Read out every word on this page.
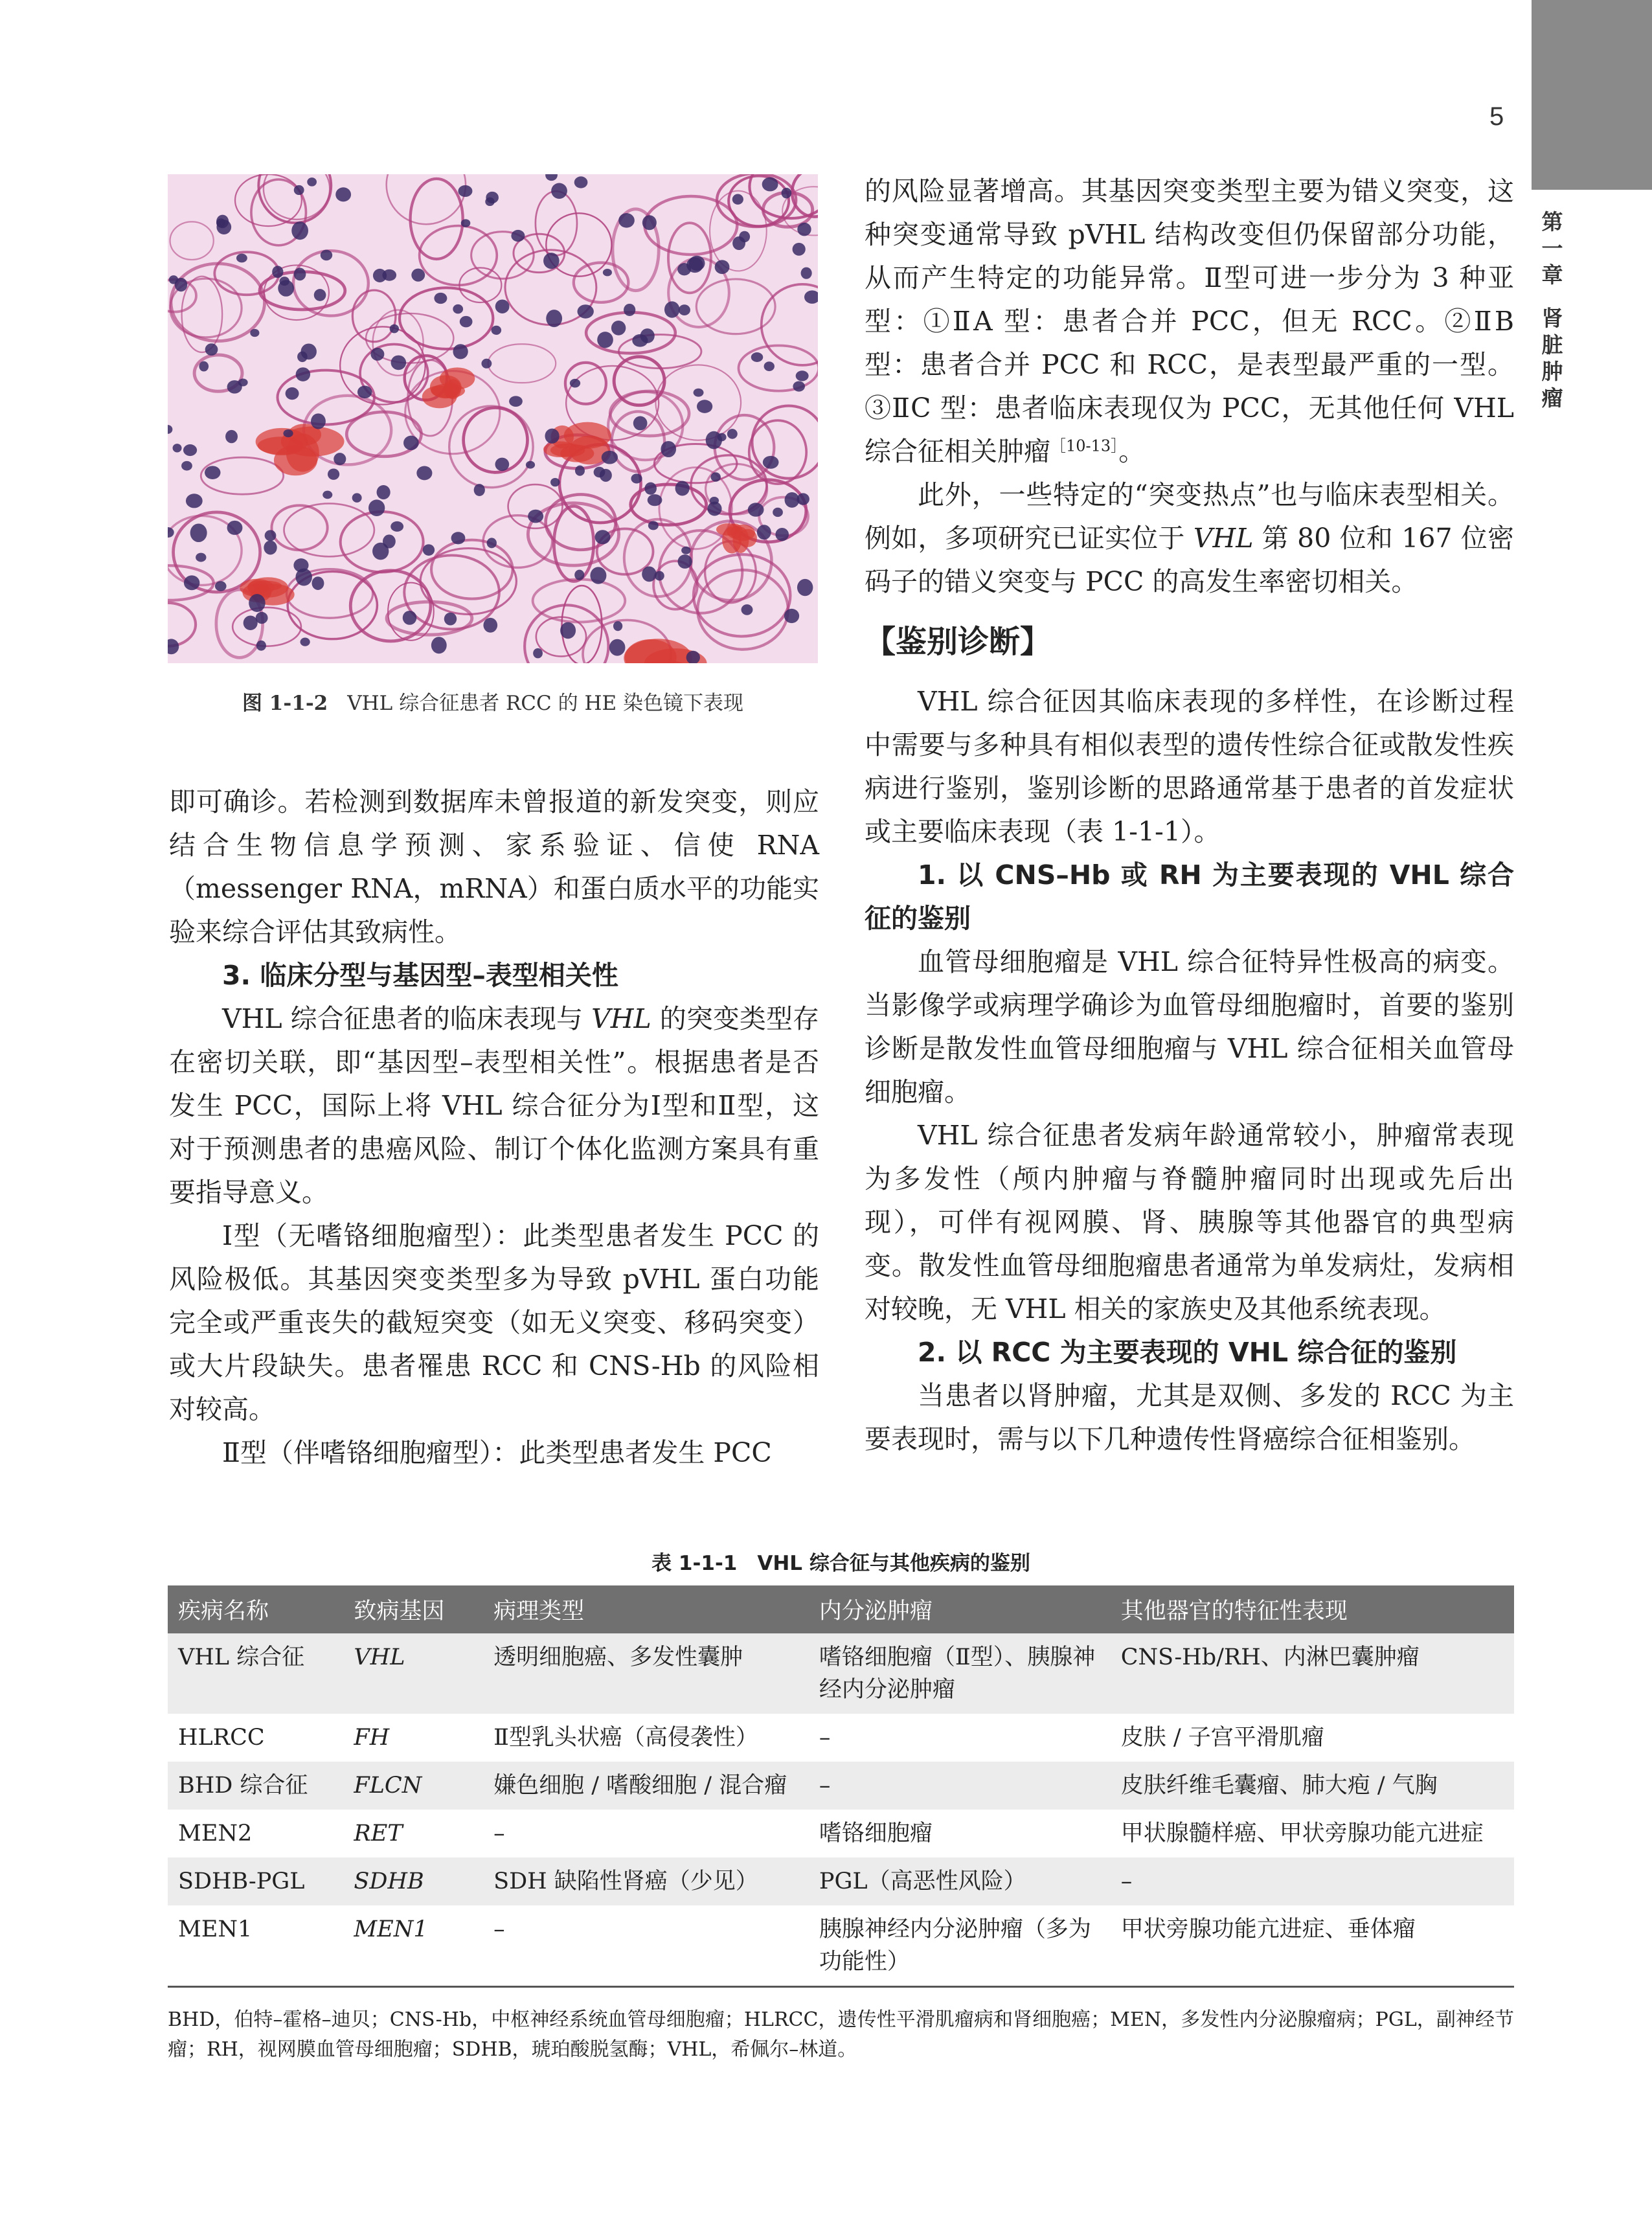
5
第
一
章
肾
脏
肿
瘤
图 1-1-2 VHL 综合征患者 RCC 的 HE 染色镜下表现

即可确诊。若检测到数据库未曾报道的新发突变，则应结合生物信息学预测、家系验证、信使 RNA（messenger RNA，mRNA）和蛋白质水平的功能实验来综合评估其致病性。

3. 临床分型与基因型–表型相关性

VHL 综合征患者的临床表现与 VHL 的突变类型存在密切关联，即“基因型–表型相关性”。根据患者是否发生 PCC，国际上将 VHL 综合征分为Ⅰ型和Ⅱ型，这对于预测患者的患癌风险、制订个体化监测方案具有重要指导意义。

Ⅰ型（无嗜铬细胞瘤型）：此类型患者发生 PCC 的风险极低。其基因突变类型多为导致 pVHL 蛋白功能完全或严重丧失的截短突变（如无义突变、移码突变）或大片段缺失。患者罹患 RCC 和 CNS-Hb 的风险相对较高。

Ⅱ型（伴嗜铬细胞瘤型）：此类型患者发生 PCC

的风险显著增高。其基因突变类型主要为错义突变，这种突变通常导致 pVHL 结构改变但仍保留部分功能，从而产生特定的功能异常。Ⅱ型可进一步分为 3 种亚型：①ⅡA 型：患者合并 PCC，但无 RCC。②ⅡB 型：患者合并 PCC 和 RCC，是表型最严重的一型。③ⅡC 型：患者临床表现仅为 PCC，无其他任何 VHL 综合征相关肿瘤$^{[10-13]}$。

此外，一些特定的“突变热点”也与临床表型相关。例如，多项研究已证实位于 VHL 第 80 位和 167 位密码子的错义突变与 PCC 的高发生率密切相关。

【鉴别诊断】

VHL 综合征因其临床表现的多样性，在诊断过程中需要与多种具有相似表型的遗传性综合征或散发性疾病进行鉴别，鉴别诊断的思路通常基于患者的首发症状或主要临床表现（表 1-1-1）。

1. 以 CNS–Hb 或 RH 为主要表现的 VHL 综合征的鉴别

血管母细胞瘤是 VHL 综合征特异性极高的病变。当影像学或病理学确诊为血管母细胞瘤时，首要的鉴别诊断是散发性血管母细胞瘤与 VHL 综合征相关血管母细胞瘤。

VHL 综合征患者发病年龄通常较小，肿瘤常表现为多发性（颅内肿瘤与脊髓肿瘤同时出现或先后出现），可伴有视网膜、肾、胰腺等其他器官的典型病变。散发性血管母细胞瘤患者通常为单发病灶，发病相对较晚，无 VHL 相关的家族史及其他系统表现。

2. 以 RCC 为主要表现的 VHL 综合征的鉴别

当患者以肾肿瘤，尤其是双侧、多发的 RCC 为主要表现时，需与以下几种遗传性肾癌综合征相鉴别。

表 1-1-1　VHL 综合征与其他疾病的鉴别
疾病名称	致病基因	病理类型	内分泌肿瘤	其他器官的特征性表现
VHL 综合征	VHL	透明细胞癌、多发性囊肿	嗜铬细胞瘤（Ⅱ型）、胰腺神经内分泌肿瘤	CNS-Hb/RH、内淋巴囊肿瘤
HLRCC	FH	Ⅱ型乳头状癌（高侵袭性）	–	皮肤 / 子宫平滑肌瘤
BHD 综合征	FLCN	嫌色细胞 / 嗜酸细胞 / 混合瘤	–	皮肤纤维毛囊瘤、肺大疱 / 气胸
MEN2	RET	–	嗜铬细胞瘤	甲状腺髓样癌、甲状旁腺功能亢进症
SDHB-PGL	SDHB	SDH 缺陷性肾癌（少见）	PGL（高恶性风险）	–
MEN1	MEN1	–	胰腺神经内分泌肿瘤（多为功能性）	甲状旁腺功能亢进症、垂体瘤
BHD，伯特–霍格–迪贝；CNS-Hb，中枢神经系统血管母细胞瘤；HLRCC，遗传性平滑肌瘤病和肾细胞癌；MEN，多发性内分泌腺瘤病；PGL，副神经节瘤；RH，视网膜血管母细胞瘤；SDHB，琥珀酸脱氢酶；VHL，希佩尔–林道。
